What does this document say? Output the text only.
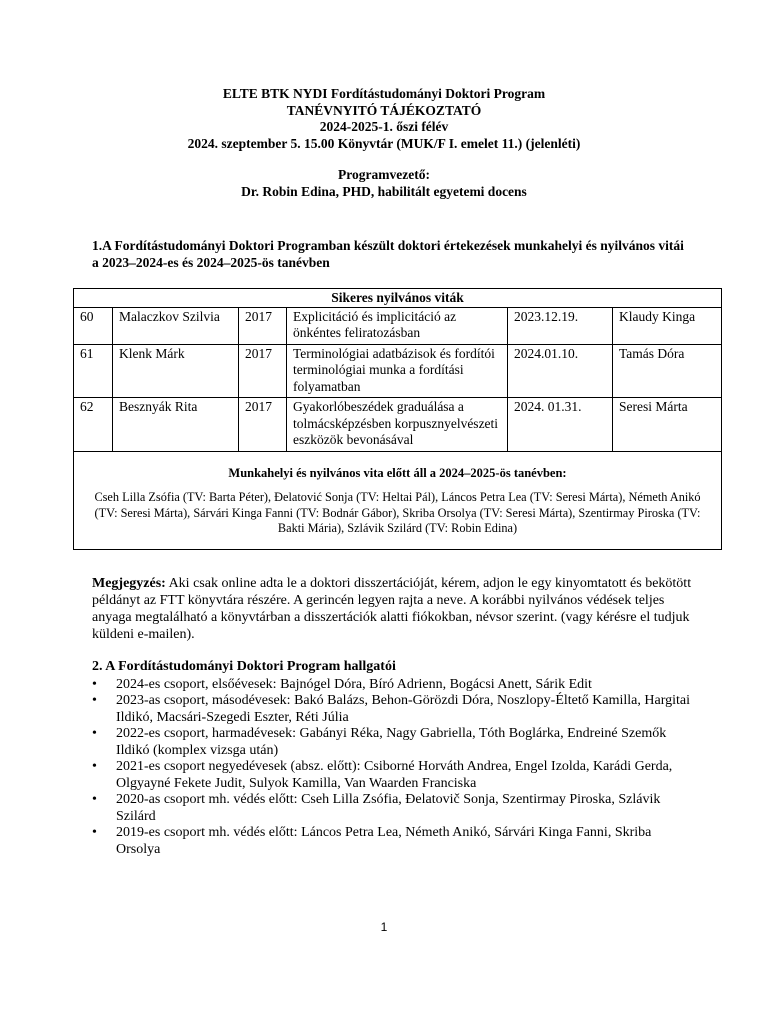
ELTE BTK NYDI Fordítástudományi Doktori Program
TANÉVNYITÓ TÁJÉKOZTATÓ
2024-2025-1. őszi félév
2024. szeptember 5. 15.00 Könyvtár (MUK/F I. emelet 11.) (jelenléti)
Programvezető:
Dr. Robin Edina, PHD, habilitált egyetemi docens
1.A Fordítástudományi Doktori Programban készült doktori értekezések munkahelyi és nyilvános vitái a 2023–2024-es és 2024–2025-ös tanévben
Sikeres nyilvános viták					
60	Malaczkov Szilvia	2017	Explicitáció és implicitáció az önkéntes feliratozásban	2023.12.19.	Klaudy Kinga
61	Klenk Márk	2017	Terminológiai adatbázisok és fordítói terminológiai munka a fordítási folyamatban	2024.01.10.	Tamás Dóra
62	Besznyák Rita	2017	Gyakorlóbeszédek graduálása a tolmácsképzésben korpusznyelvészeti eszközök bevonásával	2024. 01.31.	Seresi Márta

Munkahelyi és nyilvános vita előtt áll a 2024–2025-ös tanévben:
Cseh Lilla Zsófia (TV: Barta Péter), Đelatović Sonja (TV: Heltai Pál), Láncos Petra Lea (TV: Seresi Márta), Németh Anikó (TV: Seresi Márta), Sárvári Kinga Fanni (TV: Bodnár Gábor), Skriba Orsolya (TV: Seresi Márta), Szentirmay Piroska (TV: Bakti Mária), Szlávik Szilárd (TV: Robin Edina)					
Megjegyzés: Aki csak online adta le a doktori disszertációját, kérem, adjon le egy kinyomtatott és bekötött példányt az FTT könyvtára részére. A gerincén legyen rajta a neve. A korábbi nyilvános védések teljes anyaga megtalálható a könyvtárban a disszertációk alatti fiókokban, névsor szerint. (vagy kérésre el tudjuk küldeni e-mailen).
2. A Fordítástudományi Doktori Program hallgatói
• 2024-es csoport, elsőévesek: Bajnógel Dóra, Bíró Adrienn, Bogácsi Anett, Sárik Edit
• 2023-as csoport, másodévesek: Bakó Balázs, Behon-Görözdi Dóra, Noszlopy-Éltető Kamilla, Hargitai Ildikó, Macsári-Szegedi Eszter, Réti Júlia
• 2022-es csoport, harmadévesek: Gabányi Réka, Nagy Gabriella, Tóth Boglárka, Endreiné Szemők Ildikó (komplex vizsga után)
• 2021-es csoport negyedévesek (absz. előtt): Csiborné Horváth Andrea, Engel Izolda, Karádi Gerda, Olgyayné Fekete Judit, Sulyok Kamilla, Van Waarden Franciska
• 2020-as csoport mh. védés előtt: Cseh Lilla Zsófia, Đelatovič Sonja, Szentirmay Piroska, Szlávik Szilárd
• 2019-es csoport mh. védés előtt: Láncos Petra Lea, Németh Anikó, Sárvári Kinga Fanni, Skriba Orsolya
1
